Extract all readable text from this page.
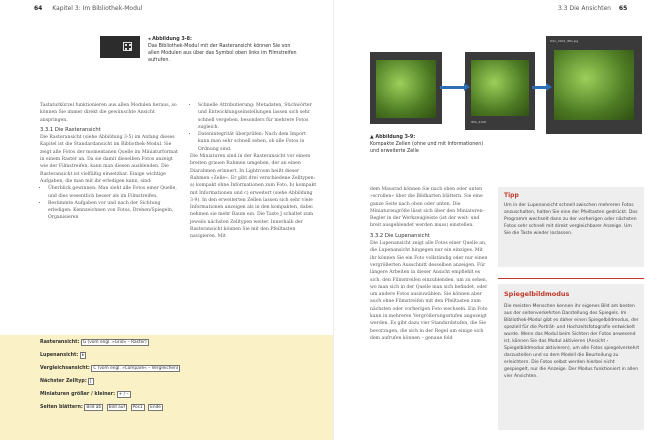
64 Kapitel 3: Im Bibliothek-Modul
◂ Abbildung 3-8:
Das Bibliothek-Modul mit der Rasteransicht können Sie von allen Modulen aus über das Symbol oben links im Filmstreifen aufrufen.

Tastaturkürzel funktionieren aus allen Modulen heraus, so können Sie immer direkt die gewünschte Ansicht anspringen.

3.3.1 Die Rasteransicht

Die Rasteransicht (siehe Abbildung 3-5) im Anfang dieses Kapitel ist die Standardansicht im Bibliothek-Modul. Sie zeigt alle Fotos der momentanen Quelle im Miniaturformat in einem Raster an. Da sie damit dieselben Fotos anzeigt wie der Filmstreifen, kann man diesen ausblenden. Die Rasteransicht ist vielfältig einsetzbar. Einige wichtige Aufgaben, die man mit ihr erledigen kann, sind:

• Überblick gewinnen: Man sieht alle Fotos einer Quelle, und dies wesentlich besser als im Filmstreifen.
• Bestimmte Aufgaben vor und nach der Sichtung erledigen: Kennzeichnen von Fotos, Drehen/Spiegeln, Organisieren
• Schnelle Attributierung: Metadaten, Stichwörter und Entwicklungseinstellungen lassen sich sehr schnell vergeben, besonders für mehrere Fotos zugleich.
• Datenintegrität überprüfen: Nach dem Import kann man sehr schnell sehen, ob alle Fotos in Ordnung sind.

Die Miniaturen sind in der Rasteransicht vor einem breiten grauen Rahmen umgeben, der an einen Diarahmen erinnert. In Lightroom heißt dieser Rahmen »Zelle«. Er gibt drei verschiedene Zelltypen: a) kompakt ohne Informationen zum Foto, b) kompakt mit Informationen und c) erweitert (siehe Abbildung 3-9). In den erweiterten Zellen lassen sich sehr viele Informationen anzeigen als in den kompakten, dabei nehmen sie mehr Raum ein. Die Taste J schaltet zum jeweils nächsten Zelltypen weiter. Innerhalb der Rasteransicht können Sie mit den Pfeiltasten navigieren. Mit

Rasteransicht: G (vom engl. »Grid« – Raster)
Lupenansicht: E
Vergleichsansicht: C (vom engl. »Compare« – Vergleichen)
Nächster Zelltyp: J
Miniaturen größer / kleiner: + / –
Seiten blättern: Bild ab Bild auf Pos1 Ende
3.3 Die Ansichten 65
IMG_4108
DSC_0001_IMG.jpg
▲ Abbildung 3-9:
Kompakte Zellen (ohne und mit Informationen) und erweiterte Zelle

dem Mausrad können Sie nach oben oder unten »scrollen« über die Bildkarten blättern. Sie eine ganze Seite nach oben oder unten. Die Miniaturengröße lässt sich über den Miniaturen-Regler in der Werkzeugleiste (ist der weit- und breit ausgeblendet werden muss) einstellen.

3.3.2 Die Lupenansicht

Die Lupenansicht zeigt alle Fotos einer Quelle an, die Lupenansicht hingegen nur ein einziges. Mit ihr können Sie ein Foto vollständig oder nur einen vergrößerten Ausschnitt desselben anzeigen. Für längere Arbeiten in dieser Ansicht empfiehlt es sich, den Filmstreifen einzublenden, um zu sehen, wo man sich in der Quelle man sich befindet, oder um andere Fotos auszuwählen. Sie können aber auch ohne Filmstreifen mit den Pfeiltasten zum nächsten oder vorherigen Foto wechseln. Ein Foto kann in mehreren Vergrößerungsstufen angezeigt werden. Es gibt dazu vier Standardstufen, die Sie bevorzugen, die sich in der Regel um einige sich dem aufrufen können – genaue fold

Tipp
Um in der Lupenansicht schnell zwischen mehreren Fotos anzuschalten, halten Sie eine der Pfeiltasten gedrückt. Das Programm wechselt dann zu der vorherigen oder nächsten Fotos sehr schnell mit direkt vergleichbarer Anzeige. Um Sie die Taste wieder loslassen.
Spiegelbildmodus
Die meisten Menschen kennen ihr eigenes Bild am besten aus der seitenverkehrten Darstellung des Spiegels. Im Bibliothek-Modul gibt es daher einen Spiegelbildmodus, der speziell für die Porträt- und Hochzeitsfotografie entwickelt wurde. Wenn das Modul beim Sichten der Fotos anwesend ist, können Sie das Modul aktivieren (Ansicht › Spiegelbildmodus aktivieren), um alle Fotos spiegelverkehrt darzustellen und so dem Modell die Beurteilung zu erleichtern. Die Fotos selbst werden hierbei nicht gespiegelt, nur die Anzeige. Der Modus funktioniert in allen vier Ansichten.
